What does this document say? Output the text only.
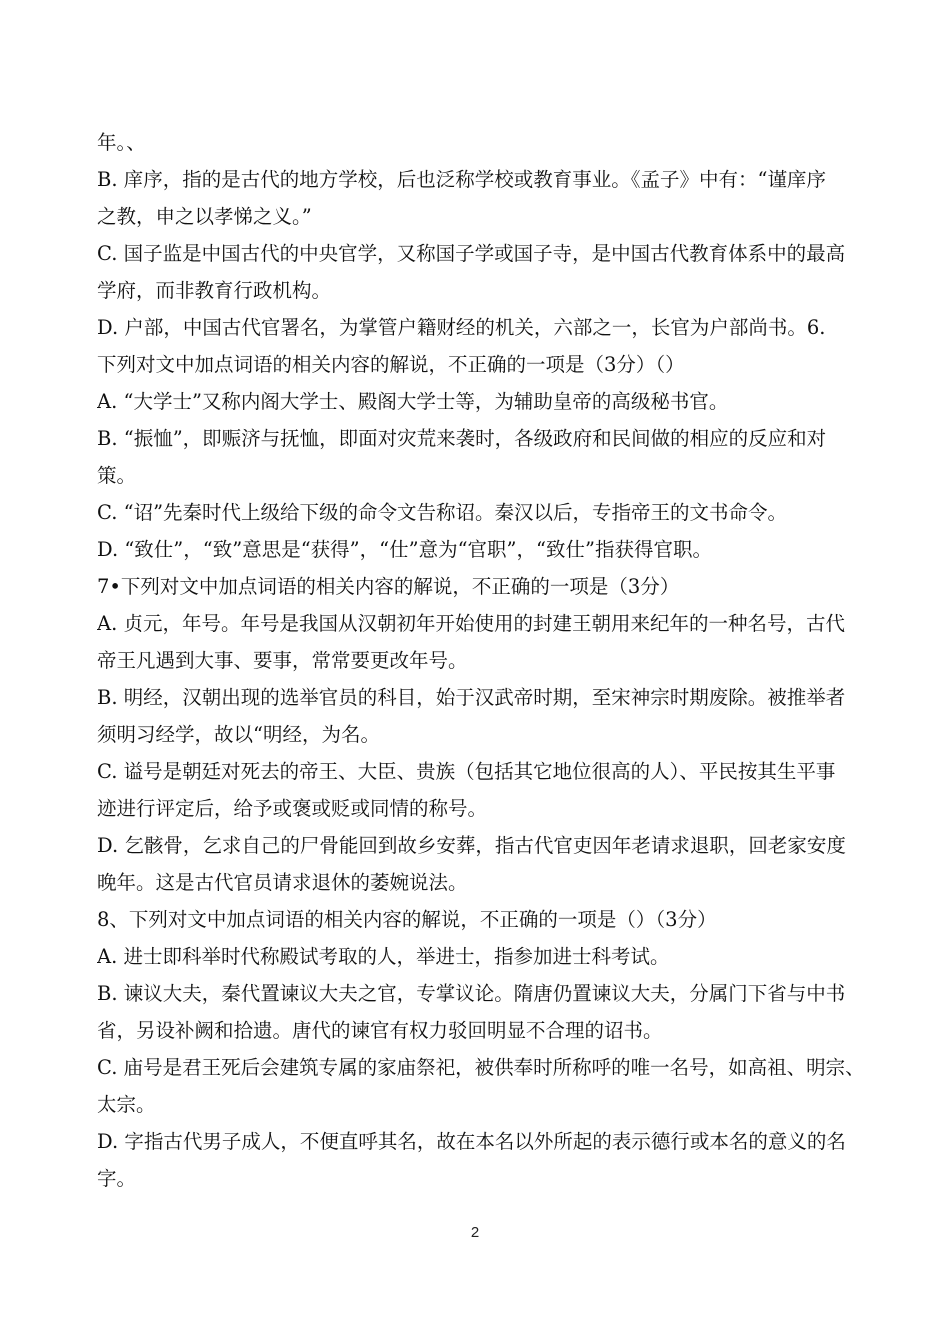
年。、
B. 庠序，指的是古代的地方学校，后也泛称学校或教育事业。《孟子》中有：“谨庠序
之教，申之以孝悌之义。”
C. 国子监是中国古代的中央官学，又称国子学或国子寺，是中国古代教育体系中的最高
学府，而非教育行政机构。
D. 户部，中国古代官署名，为掌管户籍财经的机关，六部之一，长官为户部尚书。6.
下列对文中加点词语的相关内容的解说，不正确的一项是（3分）（）
A. “大学士”又称内阁大学士、殿阁大学士等，为辅助皇帝的高级秘书官。
B. “振恤”，即赈济与抚恤，即面对灾荒来袭时，各级政府和民间做的相应的反应和对
策。
C. “诏”先秦时代上级给下级的命令文告称诏。秦汉以后，专指帝王的文书命令。
D. “致仕”，“致”意思是“获得”，“仕”意为“官职”，“致仕”指获得官职。
7•下列对文中加点词语的相关内容的解说，不正确的一项是（3分）
A. 贞元，年号。年号是我国从汉朝初年开始使用的封建王朝用来纪年的一种名号，古代
帝王凡遇到大事、要事，常常要更改年号。
B. 明经，汉朝出现的选举官员的科目，始于汉武帝时期，至宋神宗时期废除。被推举者
须明习经学，故以“明经，为名。
C. 谥号是朝廷对死去的帝王、大臣、贵族（包括其它地位很高的人）、平民按其生平事
迹进行评定后，给予或褒或贬或同情的称号。
D. 乞骸骨，乞求自己的尸骨能回到故乡安葬，指古代官吏因年老请求退职，回老家安度
晚年。这是古代官员请求退休的萎婉说法。
8、下列对文中加点词语的相关内容的解说，不正确的一项是（）（3分）
A. 进士即科举时代称殿试考取的人，举进士，指参加进士科考试。
B. 谏议大夫，秦代置谏议大夫之官，专掌议论。隋唐仍置谏议大夫，分属门下省与中书
省，另设补阙和拾遗。唐代的谏官有权力驳回明显不合理的诏书。
C. 庙号是君王死后会建筑专属的家庙祭祀，被供奉时所称呼的唯一名号，如高祖、明宗、
太宗。
D. 字指古代男子成人，不便直呼其名，故在本名以外所起的表示德行或本名的意义的名
字。
2
